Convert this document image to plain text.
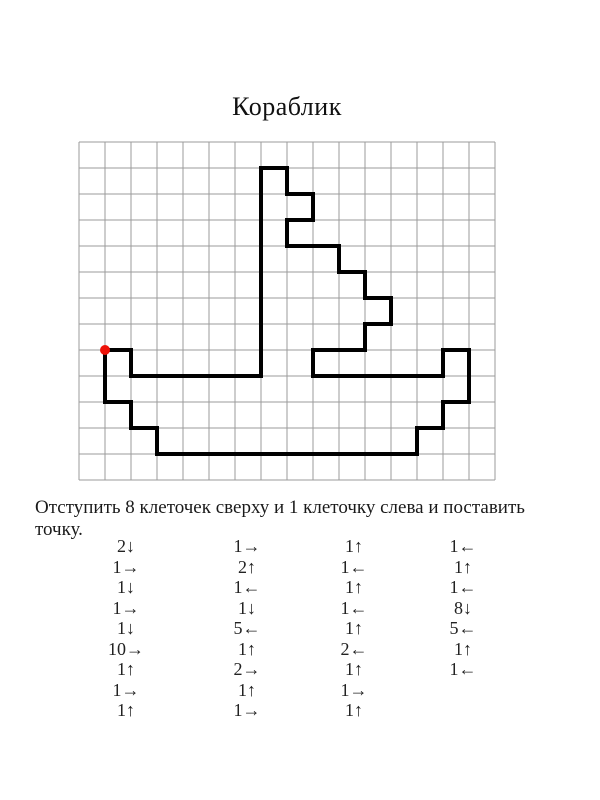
Кораблик
Отступить 8 клеточек сверху и 1 клеточку слева и поставить точку.
2↓
1→
1↓
1→
1↓
10→
1↑
1→
1↑
1→
2↑
1←
1↓
5←
1↑
2→
1↑
1→
1↑
1←
1↑
1←
1↑
2←
1↑
1→
1↑
1←
1↑
1←
8↓
5←
1↑
1←
